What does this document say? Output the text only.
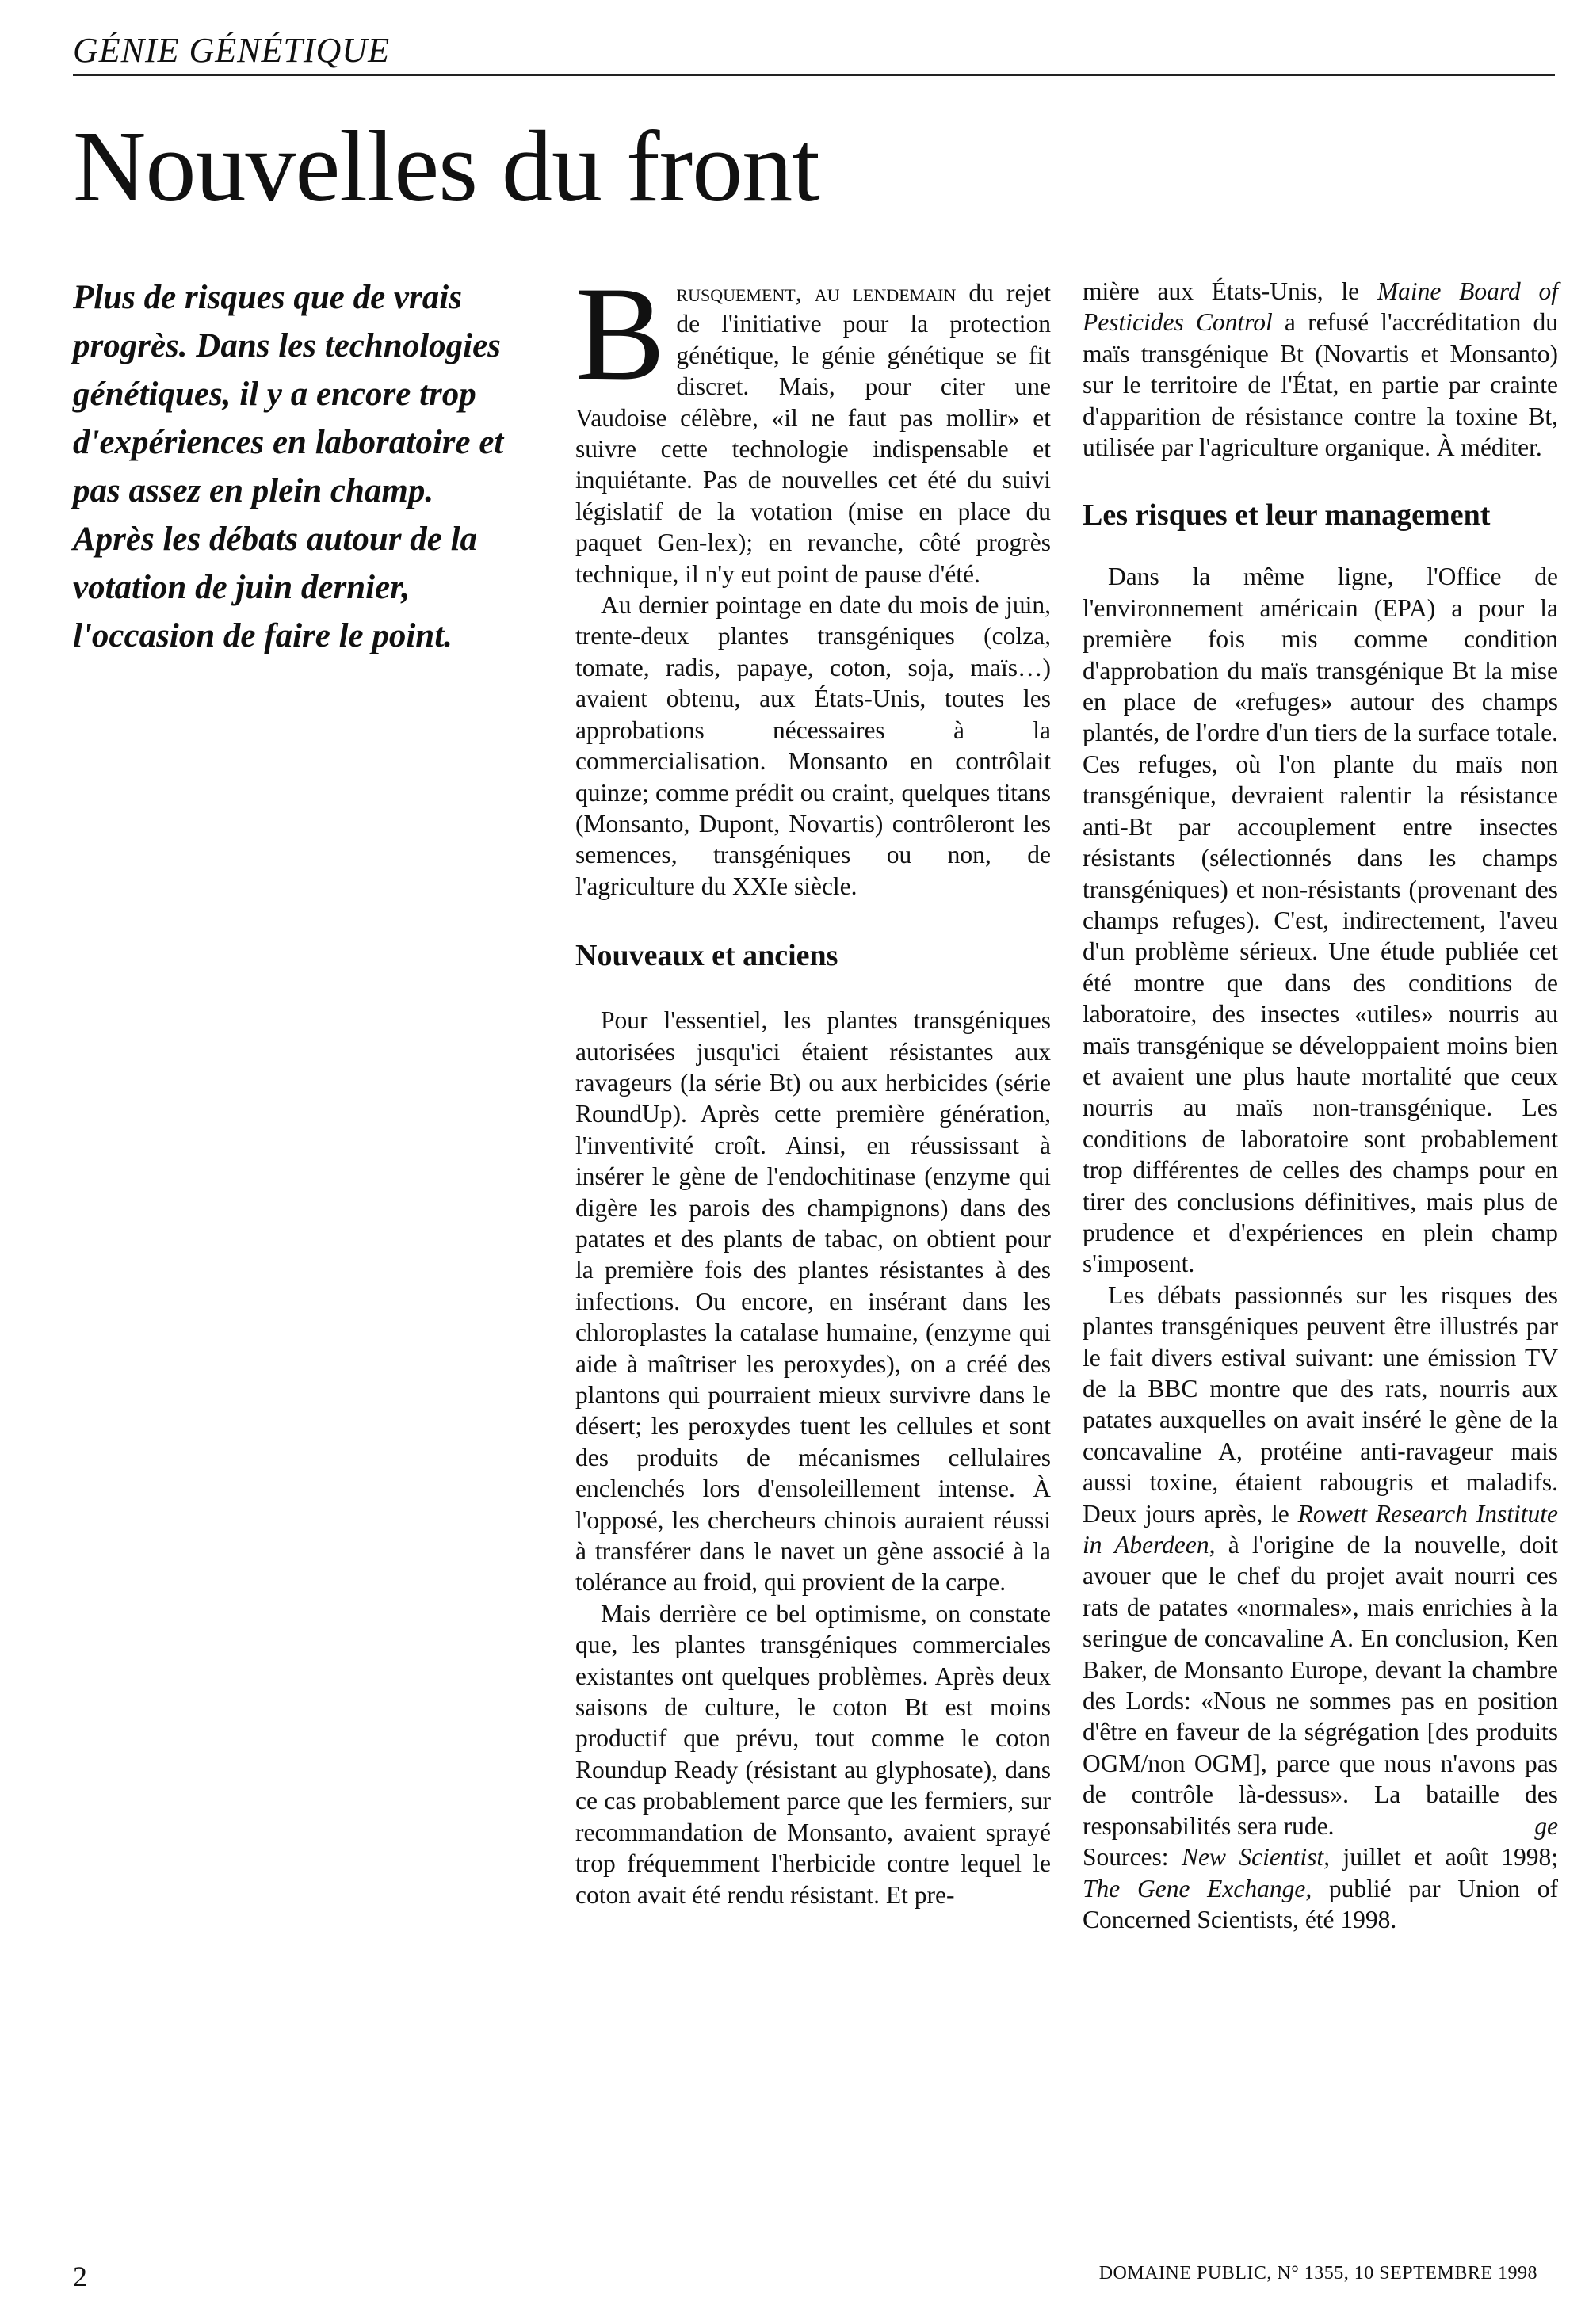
GÉNIE GÉNÉTIQUE
Nouvelles du front

Plus de risques que de vrais progrès. Dans les technologies génétiques, il y a encore trop d'expériences en laboratoire et pas assez en plein champ. Après les débats autour de la votation de juin dernier, l'occasion de faire le point.

Brusquement, au lendemain du rejet de l'initiative pour la protection génétique, le génie génétique se fit discret. Mais, pour citer une Vaudoise célèbre, «il ne faut pas mollir» et suivre cette technologie indispensable et inquiétante. Pas de nouvelles cet été du suivi législatif de la votation (mise en place du paquet Gen-lex); en revanche, côté progrès technique, il n'y eut point de pause d'été.

Au dernier pointage en date du mois de juin, trente-deux plantes transgéniques (colza, tomate, radis, papaye, coton, soja, maïs…) avaient obtenu, aux États-Unis, toutes les approbations nécessaires à la commercialisation. Monsanto en contrôlait quinze; comme prédit ou craint, quelques titans (Monsanto, Dupont, Novartis) contrôleront les semences, transgéniques ou non, de l'agriculture du XXIe siècle.

Nouveaux et anciens

Pour l'essentiel, les plantes transgéniques autorisées jusqu'ici étaient résistantes aux ravageurs (la série Bt) ou aux herbicides (série RoundUp). Après cette première génération, l'inventivité croît. Ainsi, en réussissant à insérer le gène de l'endochitinase (enzyme qui digère les parois des champignons) dans des patates et des plants de tabac, on obtient pour la première fois des plantes résistantes à des infections. Ou encore, en insérant dans les chloroplastes la catalase humaine, (enzyme qui aide à maîtriser les peroxydes), on a créé des plantons qui pourraient mieux survivre dans le désert; les peroxydes tuent les cellules et sont des produits de mécanismes cellulaires enclenchés lors d'ensoleillement intense. À l'opposé, les chercheurs chinois auraient réussi à transférer dans le navet un gène associé à la tolérance au froid, qui provient de la carpe.

Mais derrière ce bel optimisme, on constate que, les plantes transgéniques commerciales existantes ont quelques problèmes. Après deux saisons de culture, le coton Bt est moins productif que prévu, tout comme le coton Roundup Ready (résistant au glyphosate), dans ce cas probablement parce que les fermiers, sur recommandation de Monsanto, avaient sprayé trop fréquemment l'herbicide contre lequel le coton avait été rendu résistant. Et pre-

mière aux États-Unis, le Maine Board of Pesticides Control a refusé l'accréditation du maïs transgénique Bt (Novartis et Monsanto) sur le territoire de l'État, en partie par crainte d'apparition de résistance contre la toxine Bt, utilisée par l'agriculture organique. À méditer.

Les risques et leur management

Dans la même ligne, l'Office de l'environnement américain (EPA) a pour la première fois mis comme condition d'approbation du maïs transgénique Bt la mise en place de «refuges» autour des champs plantés, de l'ordre d'un tiers de la surface totale. Ces refuges, où l'on plante du maïs non transgénique, devraient ralentir la résistance anti-Bt par accouplement entre insectes résistants (sélectionnés dans les champs transgéniques) et non-résistants (provenant des champs refuges). C'est, indirectement, l'aveu d'un problème sérieux. Une étude publiée cet été montre que dans des conditions de laboratoire, des insectes «utiles» nourris au maïs transgénique se développaient moins bien et avaient une plus haute mortalité que ceux nourris au maïs non-transgénique. Les conditions de laboratoire sont probablement trop différentes de celles des champs pour en tirer des conclusions définitives, mais plus de prudence et d'expériences en plein champ s'imposent.

Les débats passionnés sur les risques des plantes transgéniques peuvent être illustrés par le fait divers estival suivant: une émission TV de la BBC montre que des rats, nourris aux patates auxquelles on avait inséré le gène de la concavaline A, protéine anti-ravageur mais aussi toxine, étaient rabougris et maladifs. Deux jours après, le Rowett Research Institute in Aberdeen, à l'origine de la nouvelle, doit avouer que le chef du projet avait nourri ces rats de patates «normales», mais enrichies à la seringue de concavaline A. En conclusion, Ken Baker, de Monsanto Europe, devant la chambre des Lords: «Nous ne sommes pas en position d'être en faveur de la ségrégation [des produits OGM/non OGM], parce que nous n'avons pas de contrôle là-dessus». La bataille des responsabilités sera rude.	ge

Sources: New Scientist, juillet et août 1998; The Gene Exchange, publié par Union of Concerned Scientists, été 1998.

2	DOMAINE PUBLIC, N° 1355, 10 SEPTEMBRE 1998
